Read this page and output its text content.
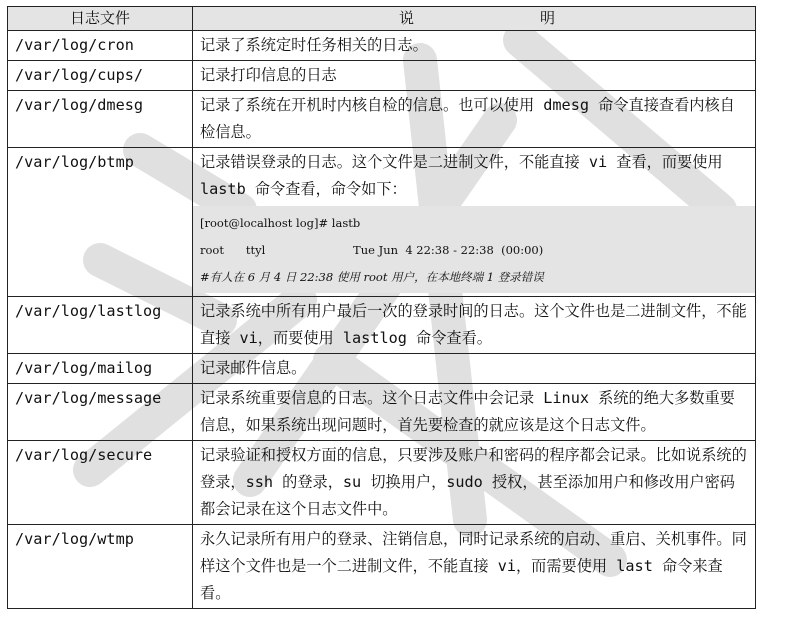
日志文件	说 明

/var/log/cron	记录了系统定时任务相关的日志。
/var/log/cups/	记录打印信息的日志
/var/log/dmesg	记录了系统在开机时内核自检的信息。也可以使用 dmesg 命令直接查看内核自检信息。
/var/log/btmp	记录错误登录的日志。这个文件是二进制文件，不能直接 vi 查看，而要使用 lastb 命令查看，命令如下：
[root@localhost log]# lastb
root      ttyl                        Tue Jun  4 22:38 - 22:38  (00:00)
#有人在 6 月 4 日 22:38 使用 root 用户，在本地终端 1 登录错误

/var/log/lastlog	记录系统中所有用户最后一次的登录时间的日志。这个文件也是二进制文件，不能直接 vi，而要使用 lastlog 命令查看。
/var/log/mailog	记录邮件信息。
/var/log/message	记录系统重要信息的日志。这个日志文件中会记录 Linux 系统的绝大多数重要信息，如果系统出现问题时，首先要检查的就应该是这个日志文件。
/var/log/secure	记录验证和授权方面的信息，只要涉及账户和密码的程序都会记录。比如说系统的登录，ssh 的登录，su 切换用户，sudo 授权，甚至添加用户和修改用户密码都会记录在这个日志文件中。
/var/log/wtmp	永久记录所有用户的登录、注销信息，同时记录系统的启动、重启、关机事件。同样这个文件也是一个二进制文件，不能直接 vi，而需要使用 last 命令来查看。
